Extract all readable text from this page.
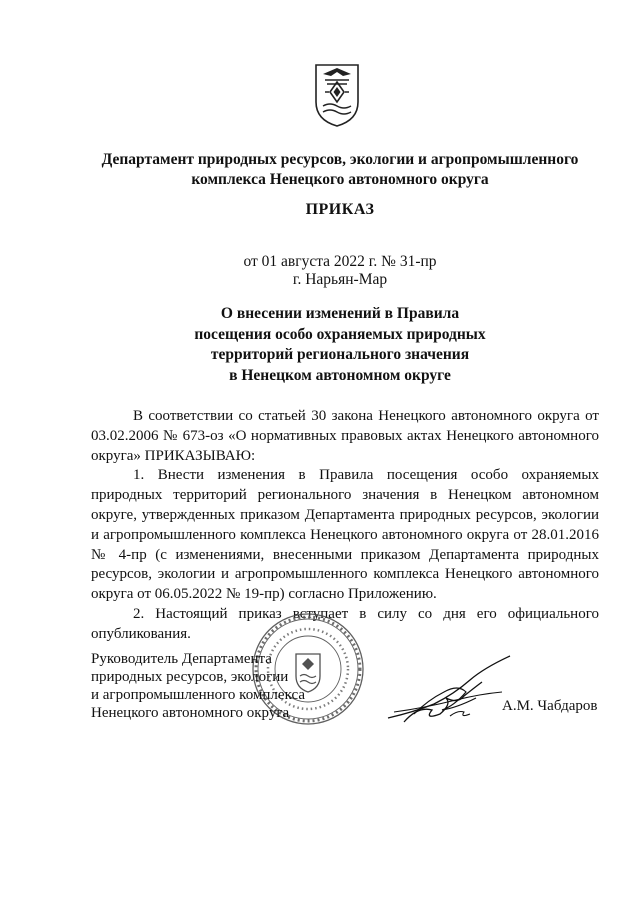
Департамент природных ресурсов, экологии и агропромышленного
комплекса Ненецкого автономного округа
ПРИКАЗ
от 01 августа 2022 г. № 31-пр
г. Нарьян-Мар
О внесении изменений в Правила
посещения особо охраняемых природных
территорий регионального значения
в Ненецком автономном округе

В соответствии со статьей 30 закона Ненецкого автономного округа от 03.02.2006 № 673-оз «О нормативных правовых актах Ненецкого автономного округа» ПРИКАЗЫВАЮ:

1. Внести изменения в Правила посещения особо охраняемых природных территорий регионального значения в Ненецком автономном округе, утвержденных приказом Департамента природных ресурсов, экологии и агропромышленного комплекса Ненецкого автономного округа от 28.01.2016 № 4-пр (с изменениями, внесенными приказом Департамента природных ресурсов, экологии и агропромышленного комплекса Ненецкого автономного округа от 06.05.2022 № 19-пр) согласно Приложению.

2. Настоящий приказ вступает в силу со дня его официального опубликования.

Руководитель Департамента
природных ресурсов, экологии
и агропромышленного комплекса
Ненецкого автономного округа	А.М. Чабдаров
